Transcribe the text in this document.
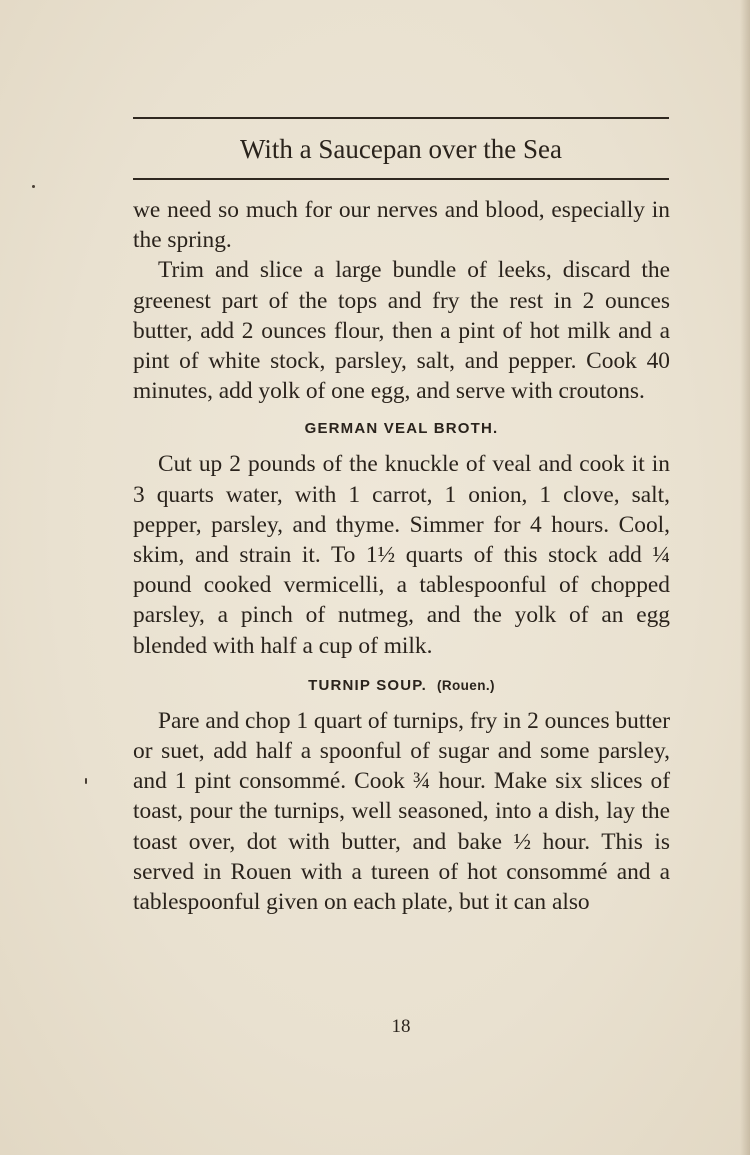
With a Saucepan over the Sea

we need so much for our nerves and blood, especially in the spring.

Trim and slice a large bundle of leeks, discard the greenest part of the tops and fry the rest in 2 ounces butter, add 2 ounces flour, then a pint of hot milk and a pint of white stock, parsley, salt, and pepper. Cook 40 minutes, add yolk of one egg, and serve with croutons.

GERMAN VEAL BROTH.

Cut up 2 pounds of the knuckle of veal and cook it in 3 quarts water, with 1 carrot, 1 onion, 1 clove, salt, pepper, parsley, and thyme. Simmer for 4 hours. Cool, skim, and strain it. To 1½ quarts of this stock add ¼ pound cooked vermicelli, a tablespoonful of chopped parsley, a pinch of nutmeg, and the yolk of an egg blended with half a cup of milk.

TURNIP SOUP. (Rouen.)

Pare and chop 1 quart of turnips, fry in 2 ounces butter or suet, add half a spoonful of sugar and some parsley, and 1 pint consommé. Cook ¾ hour. Make six slices of toast, pour the turnips, well seasoned, into a dish, lay the toast over, dot with butter, and bake ½ hour. This is served in Rouen with a tureen of hot consommé and a tablespoonful given on each plate, but it can also

18
